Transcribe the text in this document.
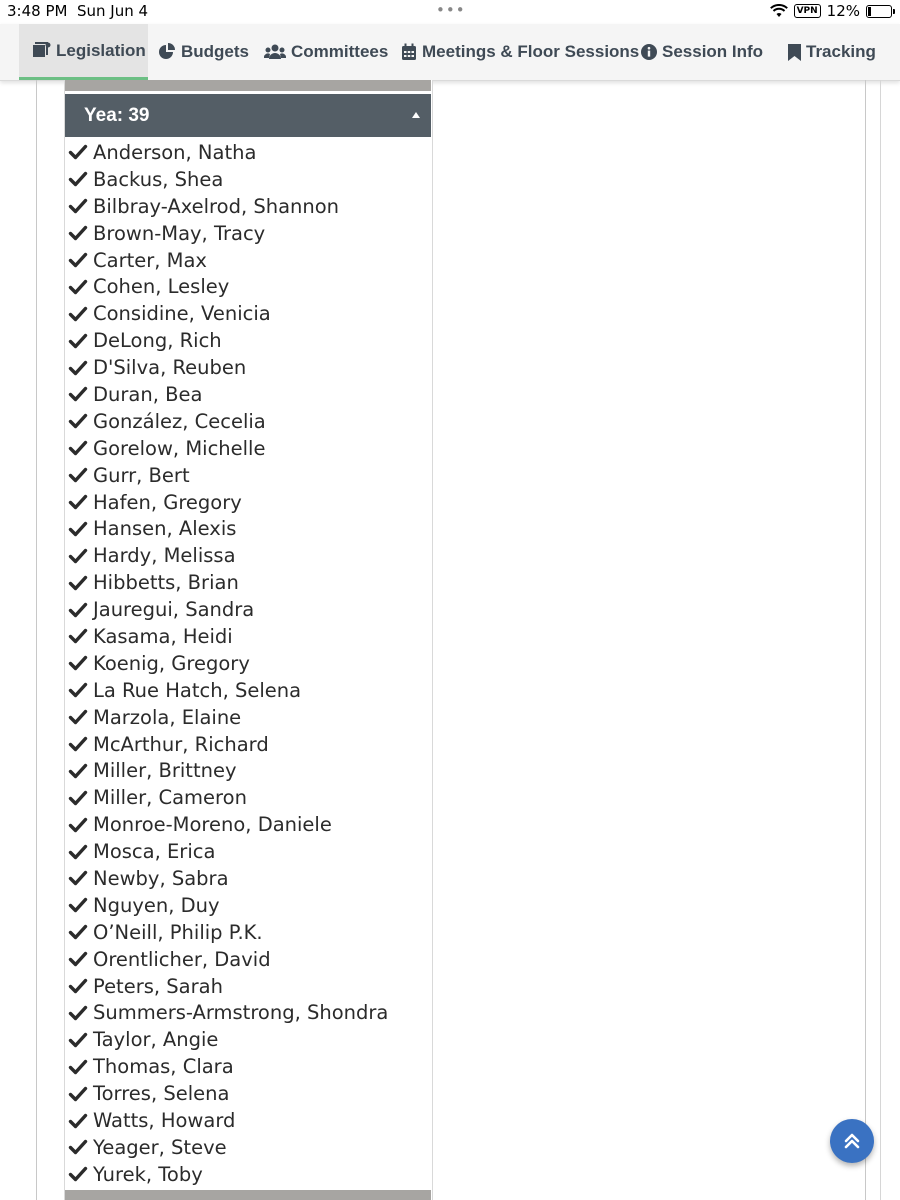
3:48 PM Sun Jun 4	•••	VPN 12%
Legislation Budgets Committees Meetings & Floor Sessions Session Info	Tracking
Yea: 39
Anderson, Natha
Backus, Shea
Bilbray-Axelrod, Shannon
Brown-May, Tracy
Carter, Max
Cohen, Lesley
Considine, Venicia
DeLong, Rich
D'Silva, Reuben
Duran, Bea
González, Cecelia
Gorelow, Michelle
Gurr, Bert
Hafen, Gregory
Hansen, Alexis
Hardy, Melissa
Hibbetts, Brian
Jauregui, Sandra
Kasama, Heidi
Koenig, Gregory
La Rue Hatch, Selena
Marzola, Elaine
McArthur, Richard
Miller, Brittney
Miller, Cameron
Monroe-Moreno, Daniele
Mosca, Erica
Newby, Sabra
Nguyen, Duy
O’Neill, Philip P.K.
Orentlicher, David
Peters, Sarah
Summers-Armstrong, Shondra
Taylor, Angie
Thomas, Clara
Torres, Selena
Watts, Howard
Yeager, Steve
Yurek, Toby
